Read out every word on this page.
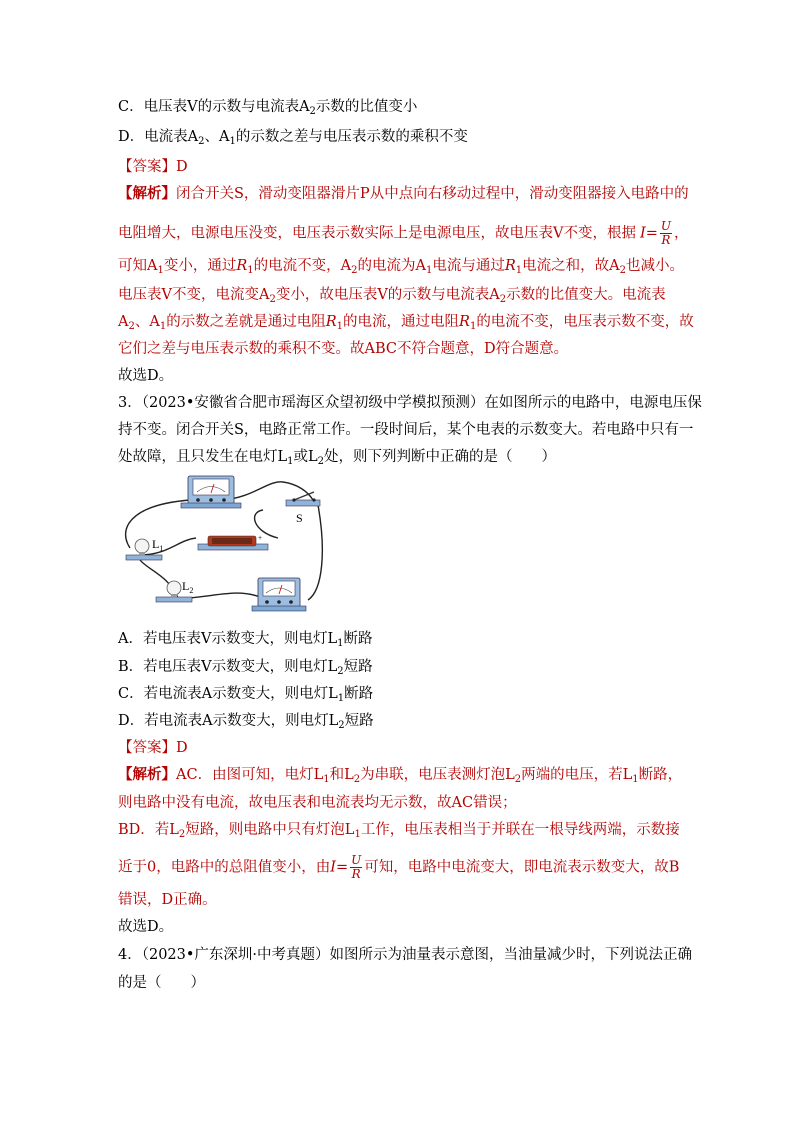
C．电压表V的示数与电流表$A_2$示数的比值变小
D．电流表$A_2$、$A_1$的示数之差与电压表示数的乘积不变
【答案】D
【解析】闭合开关S，滑动变阻器滑片P从中点向右移动过程中，滑动变阻器接入电路中的
电阻增大，电源电压没变，电压表示数实际上是电源电压，故电压表V不变，根据 $I= \frac{U}{R}$ ，
可知$A_1$变小，通过$R_1$的电流不变，$A_2$的电流为$A_1$电流与通过$R_1$电流之和，故$A_2$也减小。
电压表V不变，电流变$A_2$变小，故电压表V的示数与电流表$A_2$示数的比值变大。电流表
$A_2$、$A_1$的示数之差就是通过电阻$R_1$的电流，通过电阻$R_1$的电流不变，电压表示数不变，故
它们之差与电压表示数的乘积不变。故ABC不符合题意，D符合题意。
故选D。
3．（2023•安徽省合肥市瑶海区众望初级中学模拟预测）在如图所示的电路中，电源电压保
持不变。闭合开关S，电路正常工作。一段时间后，某个电表的示数变大。若电路中只有一
处故障，且只发生在电灯$L_1$或$L_2$处，则下列判断中正确的是（　　）
S
+
$L_1$
$L_2$
A．若电压表V示数变大，则电灯$L_1$断路
B．若电压表V示数变大，则电灯$L_2$短路
C．若电流表A示数变大，则电灯$L_1$断路
D．若电流表A示数变大，则电灯$L_2$短路
【答案】D
【解析】AC．由图可知，电灯$L_1$和$L_2$为串联，电压表测灯泡$L_2$两端的电压，若$L_1$断路，
则电路中没有电流，故电压表和电流表均无示数，故AC错误；
BD．若$L_2$短路，则电路中只有灯泡$L_1$工作，电压表相当于并联在一根导线两端，示数接
近于0，电路中的总阻值变小，由$I= \frac{U}{R}$ 可知，电路中电流变大，即电流表示数变大，故B
错误，D正确。
故选D。
4．（2023•广东深圳·中考真题）如图所示为油量表示意图，当油量减少时，下列说法正确
的是（　　）
